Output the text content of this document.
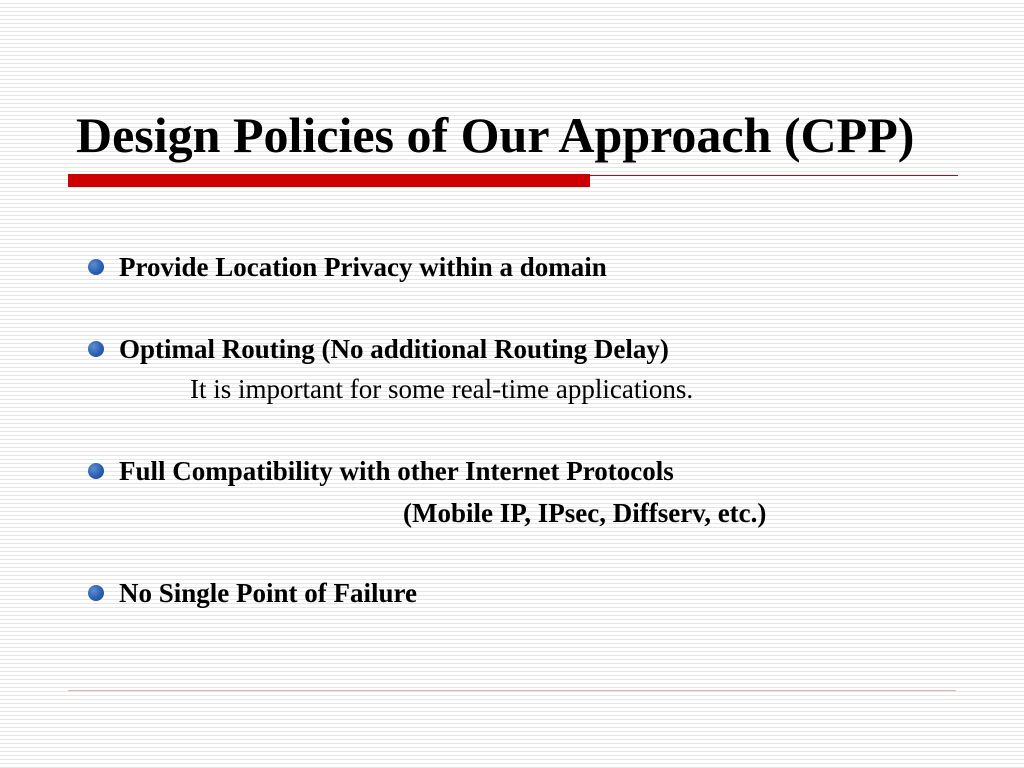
Design Policies of Our Approach (CPP)
Provide Location Privacy within a domain
Optimal Routing (No additional Routing Delay)
It is important for some real-time applications.
Full Compatibility with other Internet Protocols
(Mobile IP, IPsec, Diffserv, etc.)
No Single Point of Failure
